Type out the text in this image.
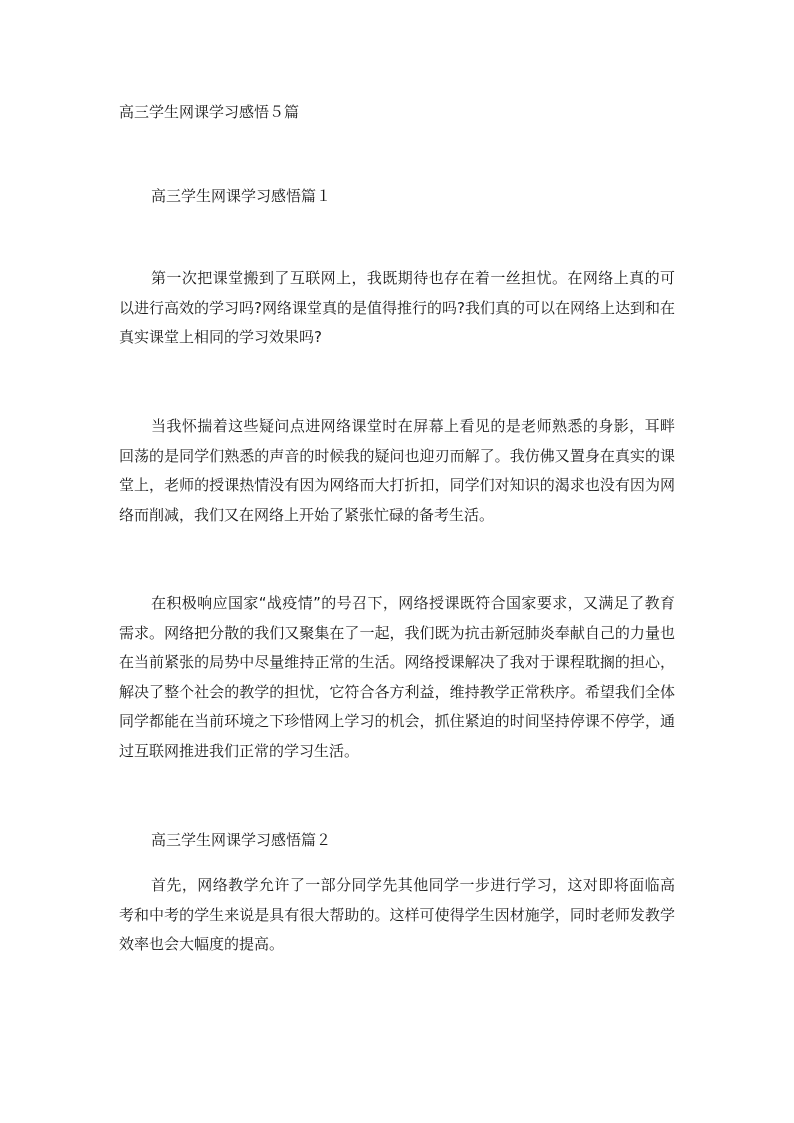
高三学生网课学习感悟５篇
高三学生网课学习感悟篇１

第一次把课堂搬到了互联网上，我既期待也存在着一丝担忧。在网络上真的可以进行高效的学习吗?网络课堂真的是值得推行的吗?我们真的可以在网络上达到和在真实课堂上相同的学习效果吗?

当我怀揣着这些疑问点进网络课堂时在屏幕上看见的是老师熟悉的身影，耳畔回荡的是同学们熟悉的声音的时候我的疑问也迎刃而解了。我仿佛又置身在真实的课堂上，老师的授课热情没有因为网络而大打折扣，同学们对知识的渴求也没有因为网络而削减，我们又在网络上开始了紧张忙碌的备考生活。

在积极响应国家“战疫情”的号召下，网络授课既符合国家要求，又满足了教育需求。网络把分散的我们又聚集在了一起，我们既为抗击新冠肺炎奉献自己的力量也在当前紧张的局势中尽量维持正常的生活。网络授课解决了我对于课程耽搁的担心，解决了整个社会的教学的担忧，它符合各方利益，维持教学正常秩序。希望我们全体同学都能在当前环境之下珍惜网上学习的机会，抓住紧迫的时间坚持停课不停学，通过互联网推进我们正常的学习生活。

高三学生网课学习感悟篇２

首先，网络教学允许了一部分同学先其他同学一步进行学习，这对即将面临高考和中考的学生来说是具有很大帮助的。这样可使得学生因材施学，同时老师发教学效率也会大幅度的提高。
